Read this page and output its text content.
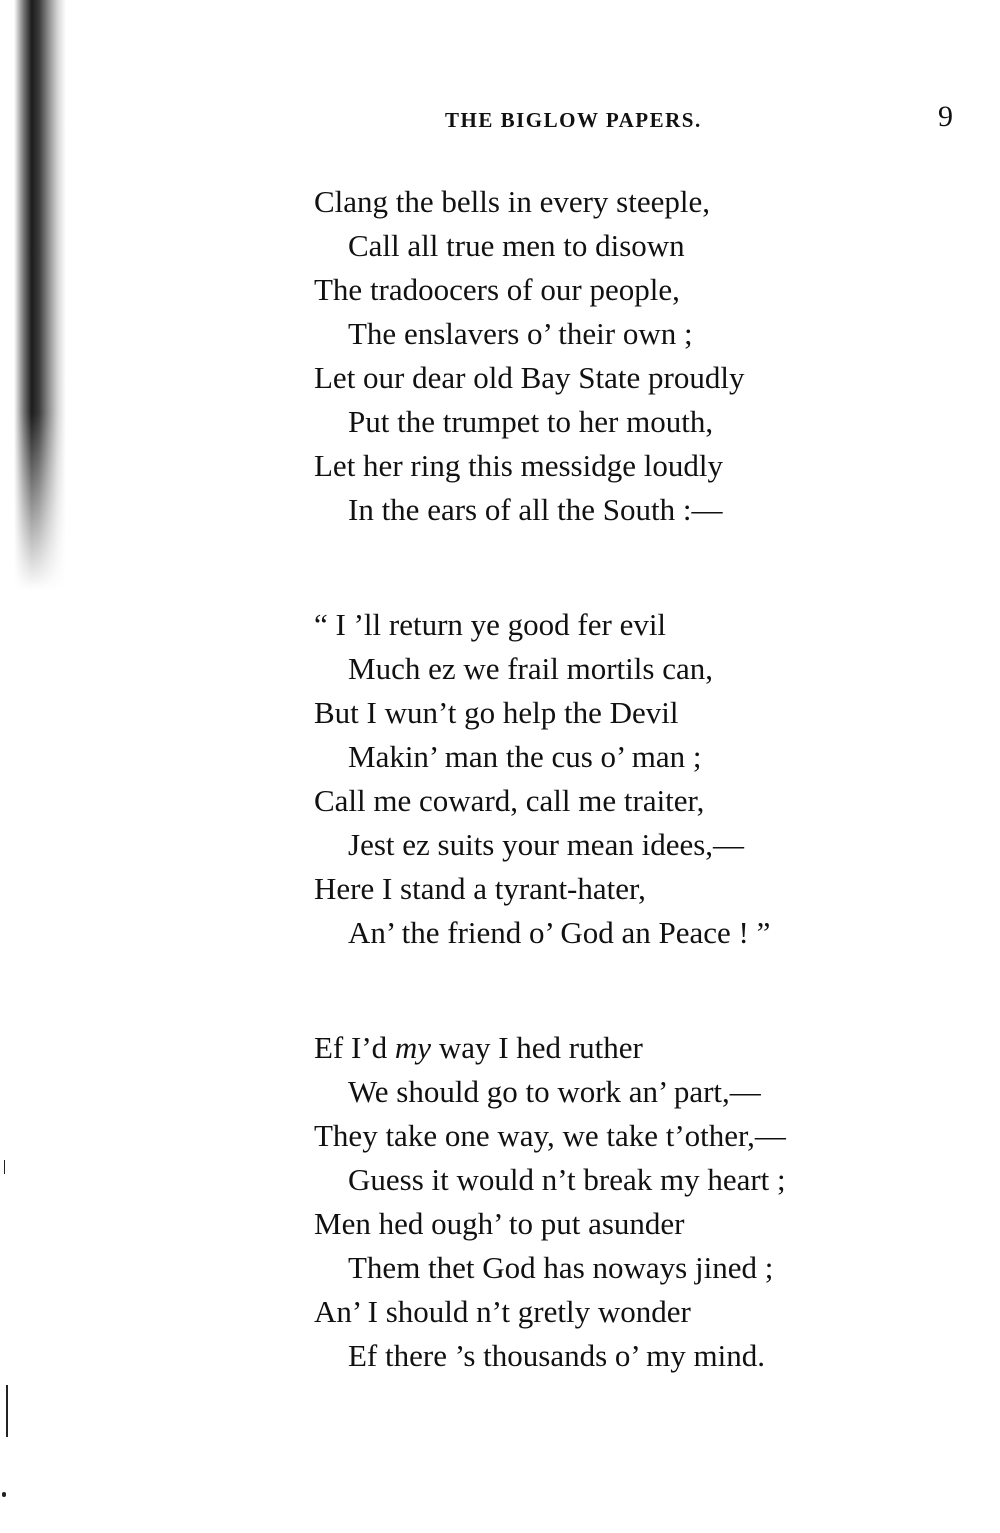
THE BIGLOW PAPERS.	9
Clang the bells in every steeple,
Call all true men to disown
The tradoocers of our people,
The enslavers o’ their own ;
Let our dear old Bay State proudly
Put the trumpet to her mouth,
Let her ring this messidge loudly
In the ears of all the South :—
“ I ’ll return ye good fer evil
Much ez we frail mortils can,
But I wun’t go help the Devil
Makin’ man the cus o’ man ;
Call me coward, call me traiter,
Jest ez suits your mean idees,—
Here I stand a tyrant-hater,
An’ the friend o’ God an Peace ! ”
Ef I’d my way I hed ruther
We should go to work an’ part,—
They take one way, we take t’other,—
Guess it would n’t break my heart ;
Men hed ough’ to put asunder
Them thet God has noways jined ;
An’ I should n’t gretly wonder
Ef there ’s thousands o’ my mind.
